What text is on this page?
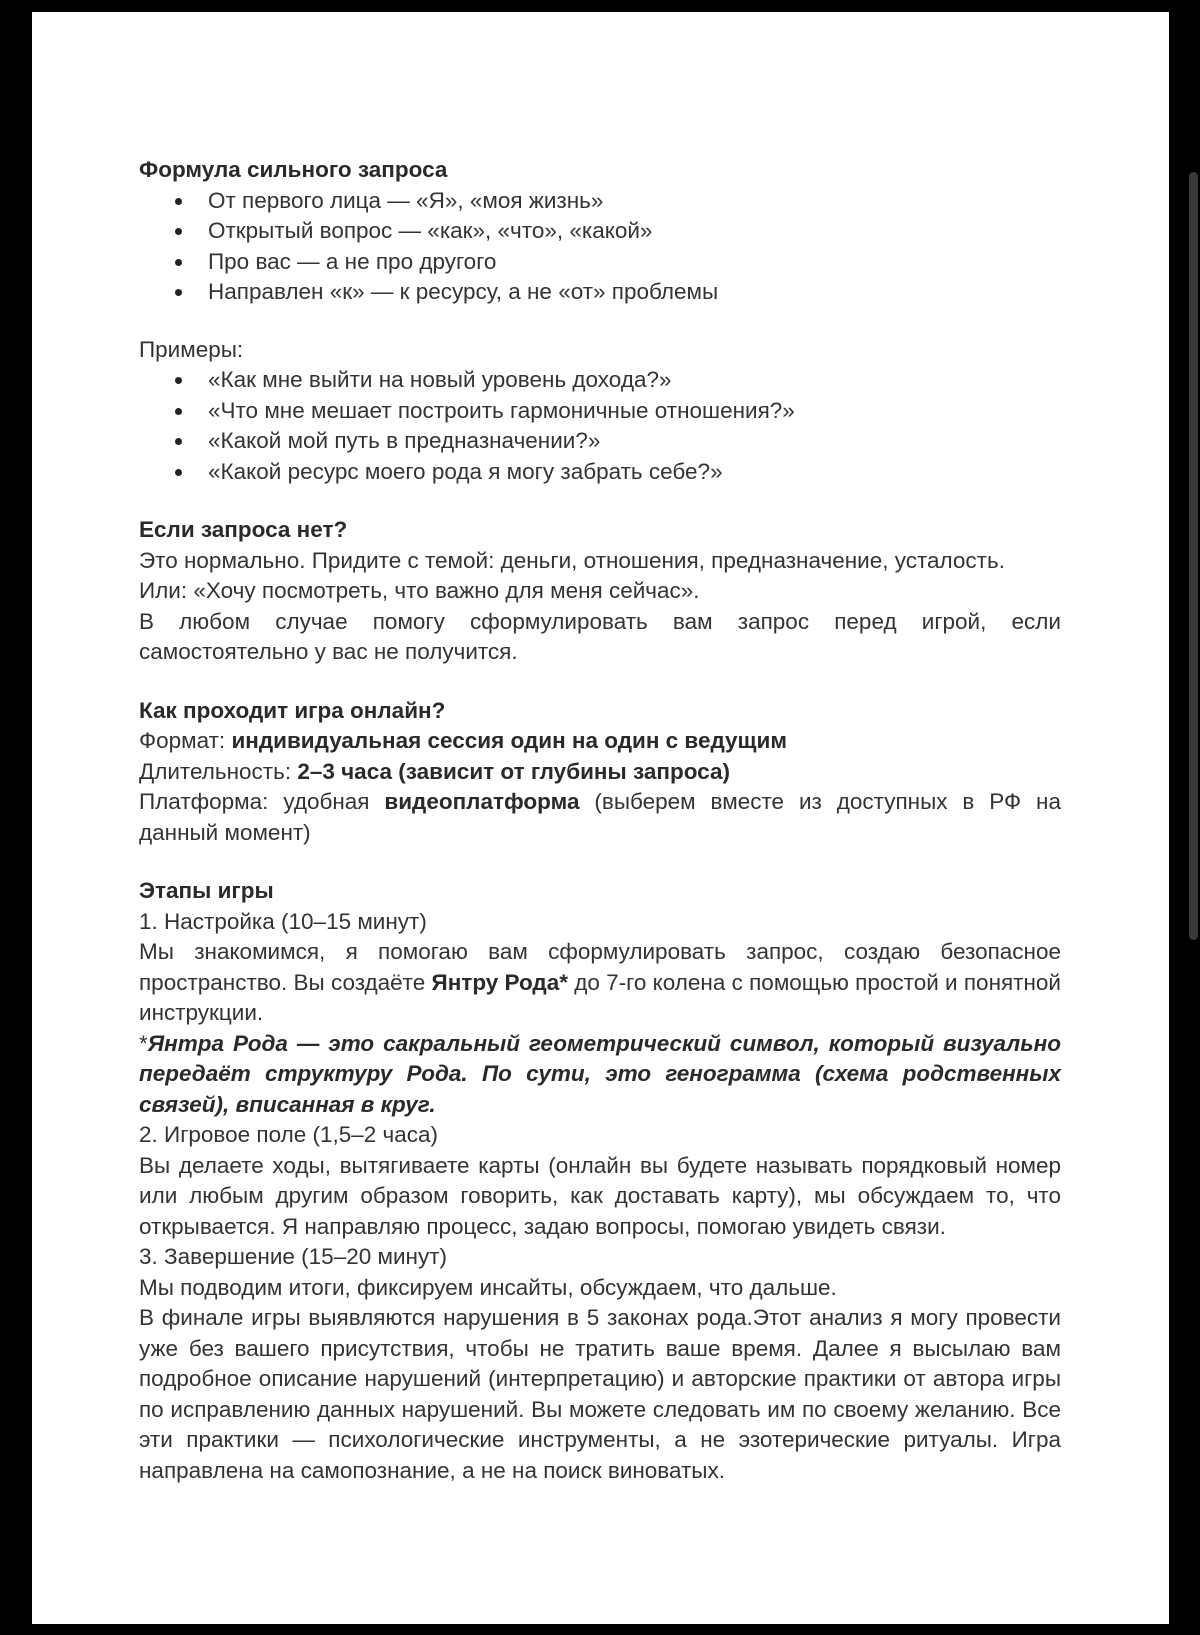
Формула сильного запроса

От первого лица — «Я», «моя жизнь»
Открытый вопрос — «как», «что», «какой»
Про вас — а не про другого
Направлен «к» — к ресурсу, а не «от» проблемы

Примеры:

«Как мне выйти на новый уровень дохода?»
«Что мне мешает построить гармоничные отношения?»
«Какой мой путь в предназначении?»
«Какой ресурс моего рода я могу забрать себе?»

Если запроса нет?

Это нормально. Придите с темой: деньги, отношения, предназначение, усталость.

Или: «Хочу посмотреть, что важно для меня сейчас».

В любом случае помогу сформулировать вам запрос перед игрой, если самостоятельно у вас не получится.

Как проходит игра онлайн?

Формат: индивидуальная сессия один на один с ведущим

Длительность: 2–3 часа (зависит от глубины запроса)

Платформа: удобная видеоплатформа (выберем вместе из доступных в РФ на данный момент)

Этапы игры

1. Настройка (10–15 минут)

Мы знакомимся, я помогаю вам сформулировать запрос, создаю безопасное пространство. Вы создаёте Янтру Рода* до 7-го колена с помощью простой и понятной инструкции.

*Янтра Рода — это сакральный геометрический символ, который визуально передаёт структуру Рода. По сути, это генограмма (схема родственных связей), вписанная в круг.

2. Игровое поле (1,5–2 часа)

Вы делаете ходы, вытягиваете карты (онлайн вы будете называть порядковый номер или любым другим образом говорить, как доставать карту), мы обсуждаем то, что открывается. Я направляю процесс, задаю вопросы, помогаю увидеть связи.

3. Завершение (15–20 минут)

Мы подводим итоги, фиксируем инсайты, обсуждаем, что дальше.

В финале игры выявляются нарушения в 5 законах рода.Этот анализ я могу провести уже без вашего присутствия, чтобы не тратить ваше время. Далее я высылаю вам подробное описание нарушений (интерпретацию) и авторские практики от автора игры по исправлению данных нарушений. Вы можете следовать им по своему желанию. Все эти практики — психологические инструменты, а не эзотерические ритуалы. Игра направлена на самопознание, а не на поиск виноватых.
